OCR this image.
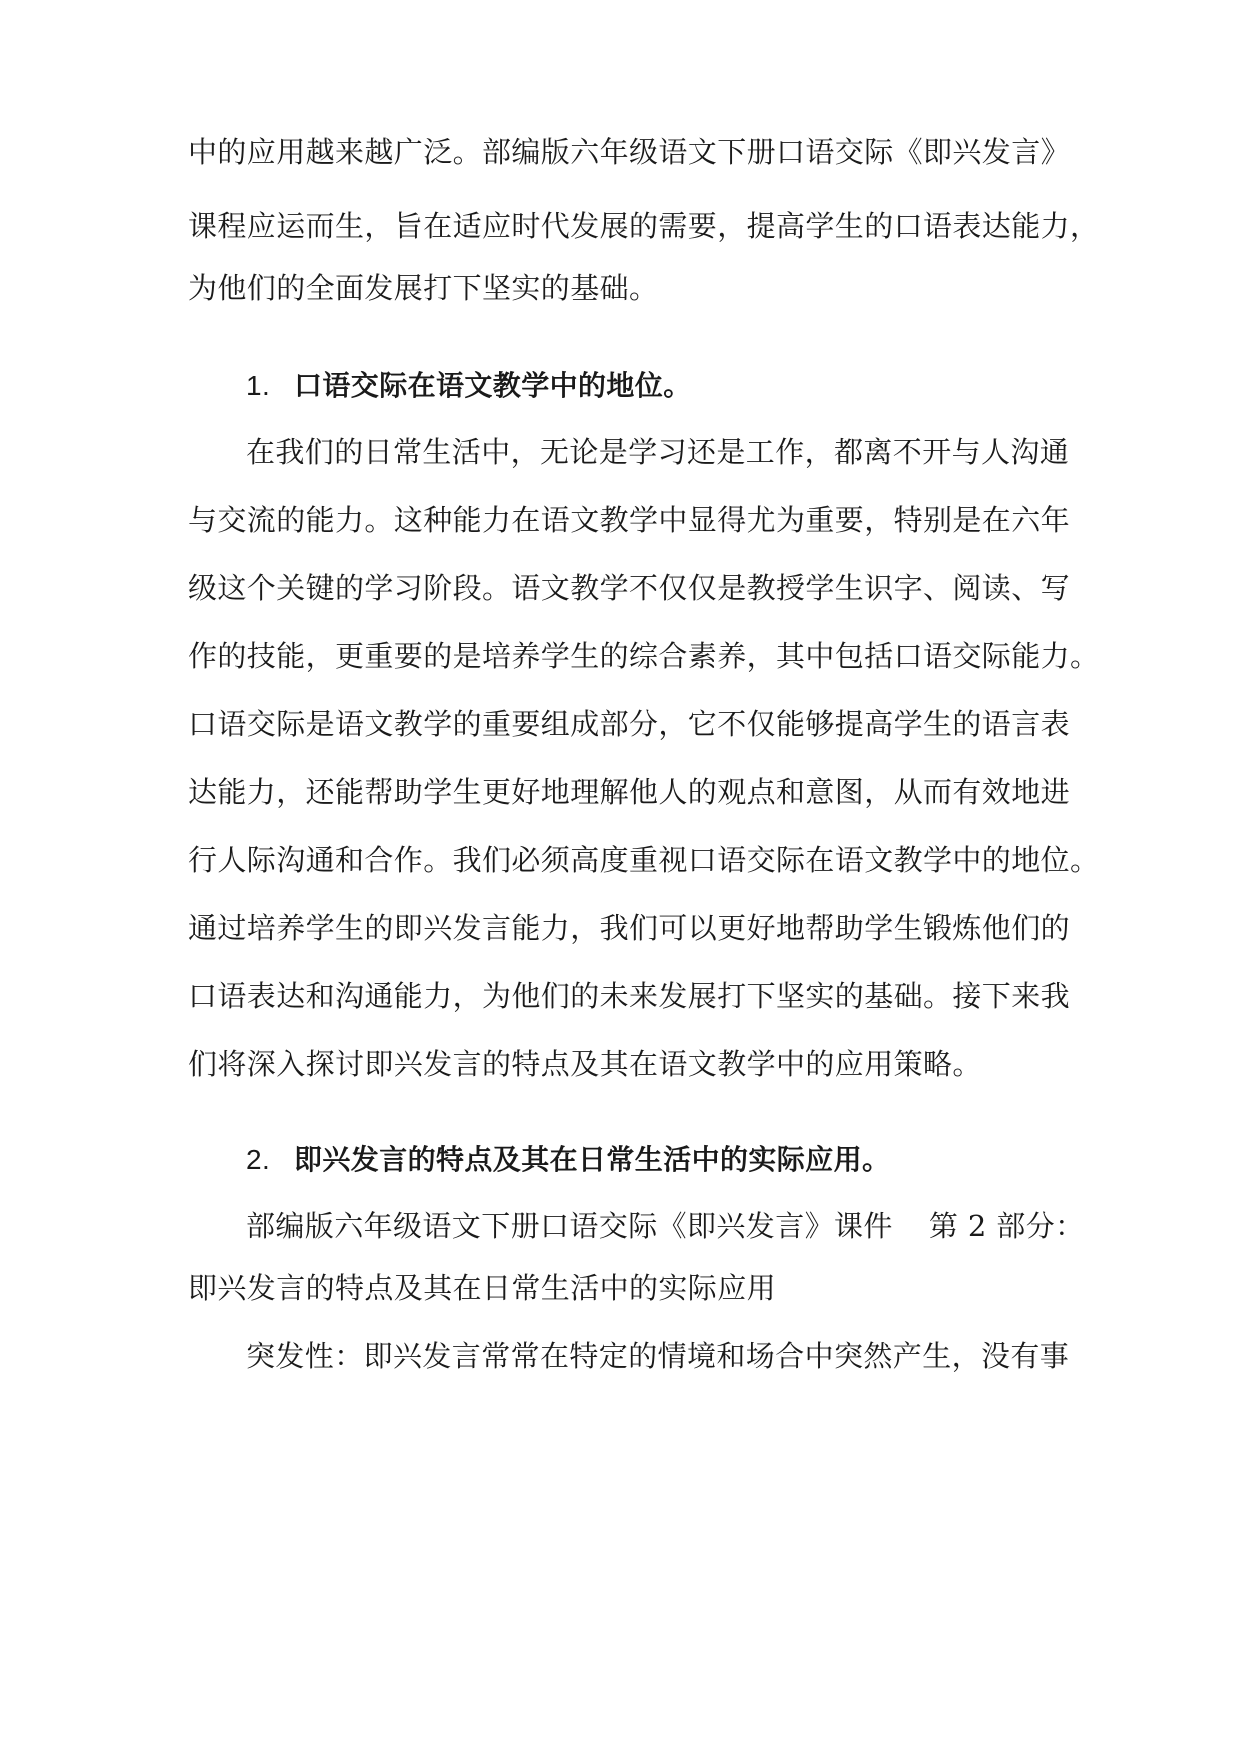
中的应用越来越广泛。部编版六年级语文下册口语交际《即兴发言》
课程应运而生，旨在适应时代发展的需要，提高学生的口语表达能力，
为他们的全面发展打下坚实的基础。
1. 口语交际在语文教学中的地位。
在我们的日常生活中，无论是学习还是工作，都离不开与人沟通
与交流的能力。这种能力在语文教学中显得尤为重要，特别是在六年
级这个关键的学习阶段。语文教学不仅仅是教授学生识字、阅读、写
作的技能，更重要的是培养学生的综合素养，其中包括口语交际能力。
口语交际是语文教学的重要组成部分，它不仅能够提高学生的语言表
达能力，还能帮助学生更好地理解他人的观点和意图，从而有效地进
行人际沟通和合作。我们必须高度重视口语交际在语文教学中的地位。
通过培养学生的即兴发言能力，我们可以更好地帮助学生锻炼他们的
口语表达和沟通能力，为他们的未来发展打下坚实的基础。接下来我
们将深入探讨即兴发言的特点及其在语文教学中的应用策略。
2. 即兴发言的特点及其在日常生活中的实际应用。
部编版六年级语文下册口语交际《即兴发言》课件 第 2 部分：
即兴发言的特点及其在日常生活中的实际应用
突发性：即兴发言常常在特定的情境和场合中突然产生，没有事
